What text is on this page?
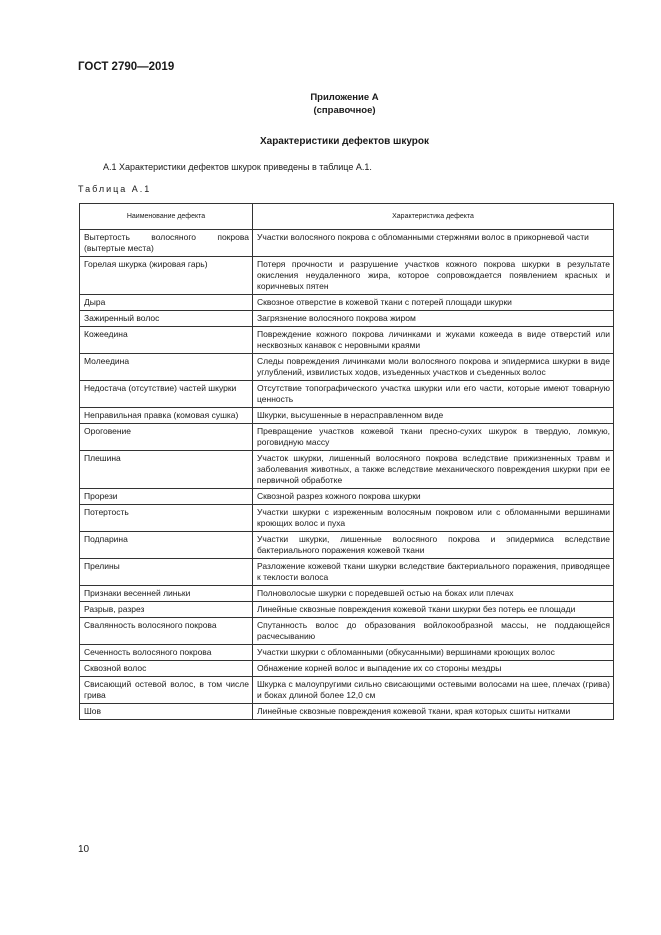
ГОСТ 2790—2019
Приложение А
(справочное)
Характеристики дефектов шкурок
А.1 Характеристики дефектов шкурок приведены в таблице А.1.
Таблица А.1
Наименование дефекта	Характеристика дефекта
Вытертость волосяного покрова (вытертые места)	Участки волосяного покрова с обломанными стержнями волос в прикорневой части
Горелая шкурка (жировая гарь)	Потеря прочности и разрушение участков кожного покрова шкурки в результате окисления неудаленного жира, которое сопровождается появлением красных и коричневых пятен
Дыра	Сквозное отверстие в кожевой ткани с потерей площади шкурки
Зажиренный волос	Загрязнение волосяного покрова жиром
Кожеедина	Повреждение кожного покрова личинками и жуками кожееда в виде отверстий или несквозных канавок с неровными краями
Молеедина	Следы повреждения личинками моли волосяного покрова и эпидермиса шкурки в виде углублений, извилистых ходов, изъеденных участков и съеденных волос
Недостача (отсутствие) частей шкурки	Отсутствие топографического участка шкурки или его части, которые имеют товарную ценность
Неправильная правка (комовая сушка)	Шкурки, высушенные в нерасправленном виде
Ороговение	Превращение участков кожевой ткани пресно-сухих шкурок в твердую, ломкую, роговидную массу
Плешина	Участок шкурки, лишенный волосяного покрова вследствие прижизненных травм и заболевания животных, а также вследствие механического повреждения шкурки при ее первичной обработке
Прорези	Сквозной разрез кожного покрова шкурки
Потертость	Участки шкурки с изреженным волосяным покровом или с обломанными вершинами кроющих волос и пуха
Подпарина	Участки шкурки, лишенные волосяного покрова и эпидермиса вследствие бактериального поражения кожевой ткани
Прелины	Разложение кожевой ткани шкурки вследствие бактериального поражения, приводящее к теклости волоса
Признаки весенней линьки	Полноволосые шкурки с поредевшей остью на боках или плечах
Разрыв, разрез	Линейные сквозные повреждения кожевой ткани шкурки без потерь ее площади
Свалянность волосяного покрова	Спутанность волос до образования войлокообразной массы, не поддающейся расчесыванию
Сеченность волосяного покрова	Участки шкурки с обломанными (обкусанными) вершинами кроющих волос
Сквозной волос	Обнажение корней волос и выпадение их со стороны мездры
Свисающий остевой волос, в том числе грива	Шкурка с малоупругими сильно свисающими остевыми волосами на шее, плечах (грива) и боках длиной более 12,0 см
Шов	Линейные сквозные повреждения кожевой ткани, края которых сшиты нитками
10
